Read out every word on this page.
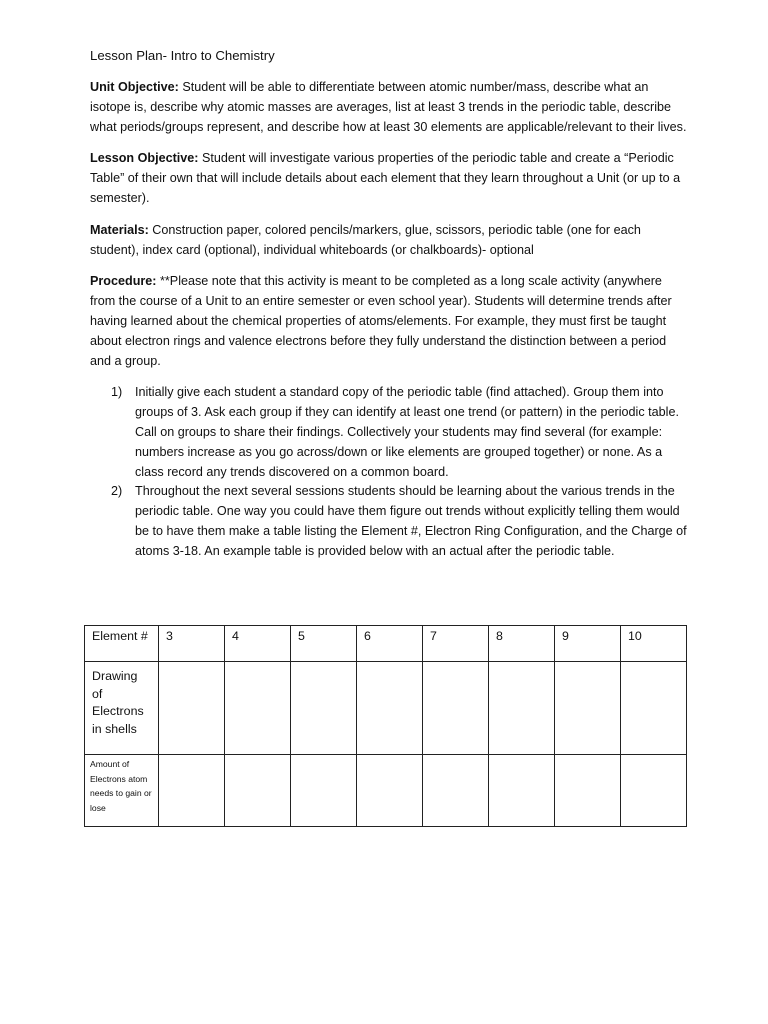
Lesson Plan- Intro to Chemistry

Unit Objective: Student will be able to differentiate between atomic number/mass, describe what an isotope is, describe why atomic masses are averages, list at least 3 trends in the periodic table, describe what periods/groups represent, and describe how at least 30 elements are applicable/relevant to their lives.

Lesson Objective: Student will investigate various properties of the periodic table and create a “Periodic Table” of their own that will include details about each element that they learn throughout a Unit (or up to a semester).

Materials: Construction paper, colored pencils/markers, glue, scissors, periodic table (one for each student), index card (optional), individual whiteboards (or chalkboards)- optional

Procedure: **Please note that this activity is meant to be completed as a long scale activity (anywhere from the course of a Unit to an entire semester or even school year). Students will determine trends after having learned about the chemical properties of atoms/elements. For example, they must first be taught about electron rings and valence electrons before they fully understand the distinction between a period and a group.

1) Initially give each student a standard copy of the periodic table (find attached). Group them into groups of 3. Ask each group if they can identify at least one trend (or pattern) in the periodic table. Call on groups to share their findings. Collectively your students may find several (for example: numbers increase as you go across/down or like elements are grouped together) or none. As a class record any trends discovered on a common board.
2) Throughout the next several sessions students should be learning about the various trends in the periodic table. One way you could have them figure out trends without explicitly telling them would be to have them make a table listing the Element #, Electron Ring Configuration, and the Charge of atoms 3-18. An example table is provided below with an actual after the periodic table.
Element #	3	4	5	6	7	8	9	10
Drawing of Electrons in shells								
Amount of Electrons atom needs to gain or lose								
